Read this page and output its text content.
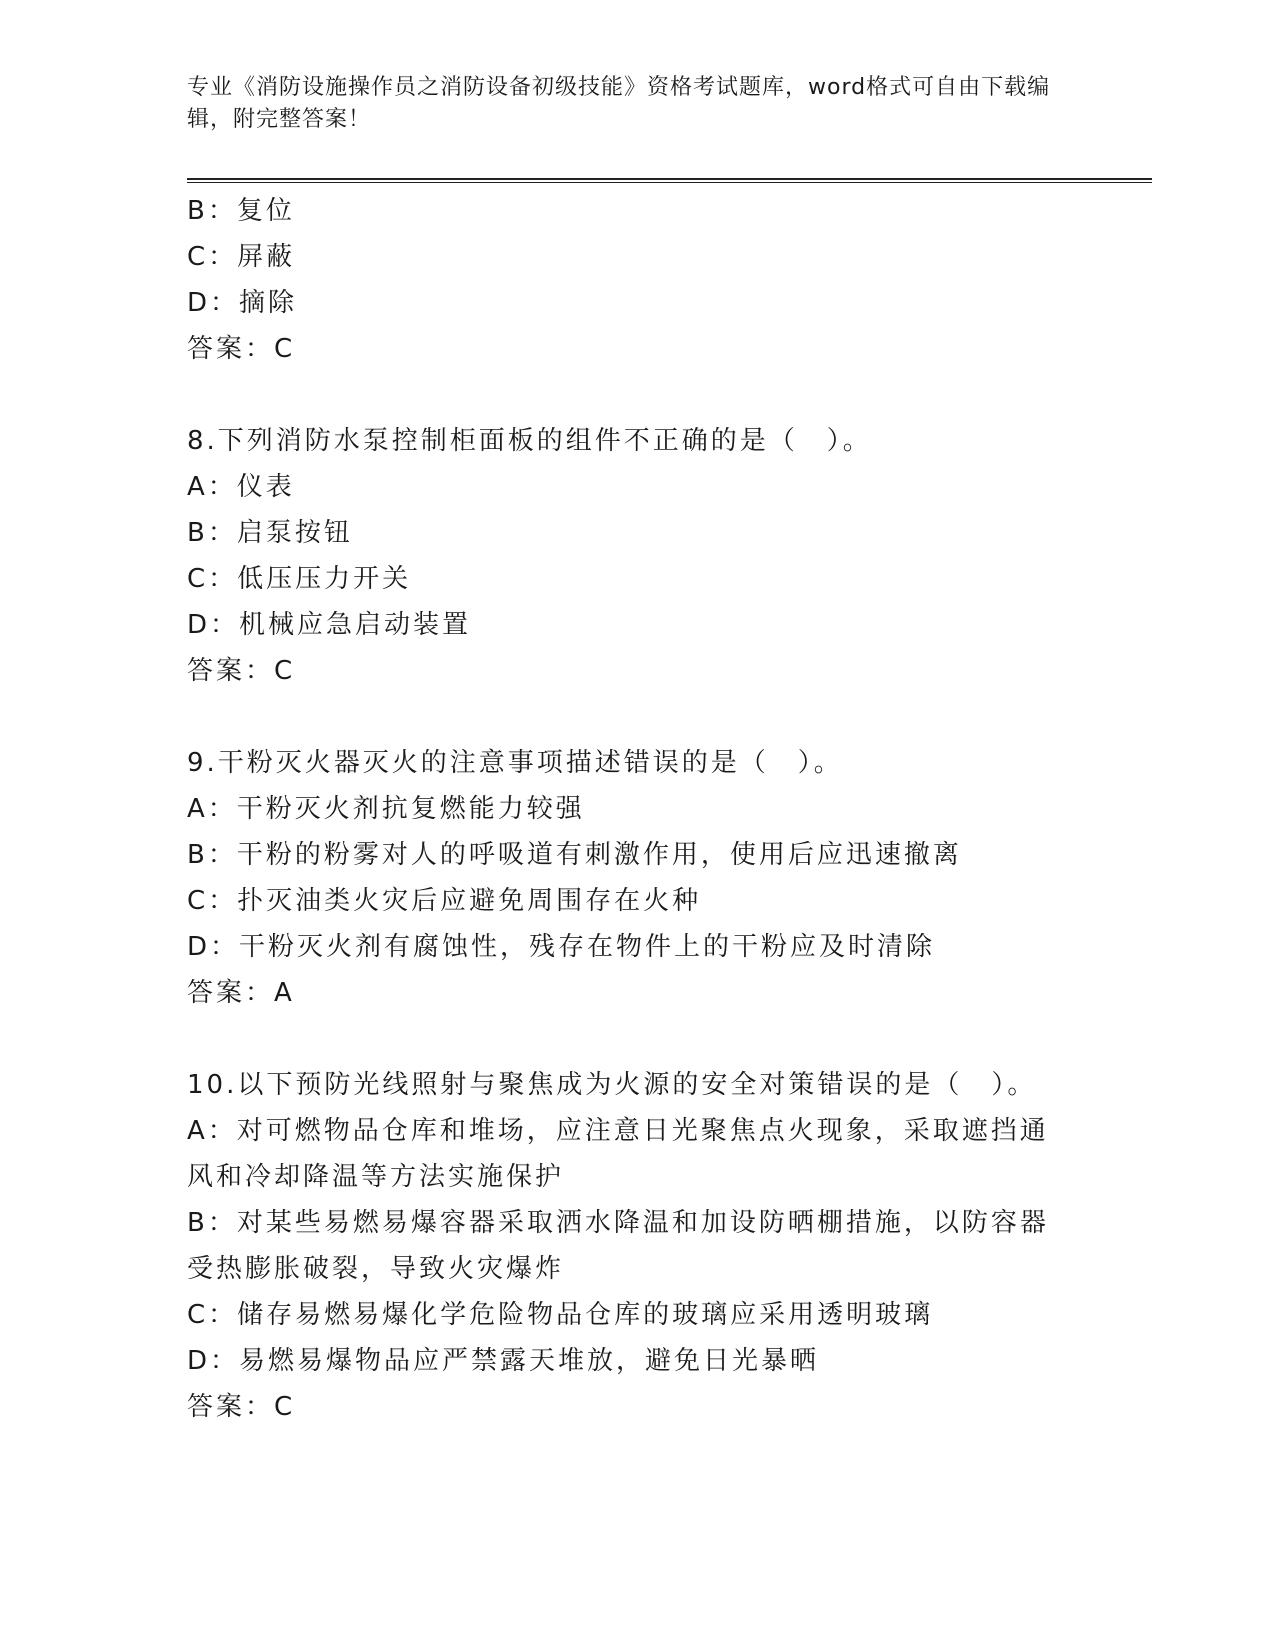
专业《消防设施操作员之消防设备初级技能》资格考试题库，word格式可自由下载编辑，附完整答案！
B：复位
C：屏蔽
D：摘除
答案：C
8.下列消防水泵控制柜面板的组件不正确的是（　）。
A：仪表
B：启泵按钮
C：低压压力开关
D：机械应急启动装置
答案：C
9.干粉灭火器灭火的注意事项描述错误的是（　）。
A：干粉灭火剂抗复燃能力较强
B：干粉的粉雾对人的呼吸道有刺激作用，使用后应迅速撤离
C：扑灭油类火灾后应避免周围存在火种
D：干粉灭火剂有腐蚀性，残存在物件上的干粉应及时清除
答案：A
10.以下预防光线照射与聚焦成为火源的安全对策错误的是（　）。
A：对可燃物品仓库和堆场，应注意日光聚焦点火现象，采取遮挡通风和冷却降温等方法实施保护
B：对某些易燃易爆容器采取洒水降温和加设防晒棚措施，以防容器受热膨胀破裂，导致火灾爆炸
C：储存易燃易爆化学危险物品仓库的玻璃应采用透明玻璃
D：易燃易爆物品应严禁露天堆放，避免日光暴晒
答案：C
